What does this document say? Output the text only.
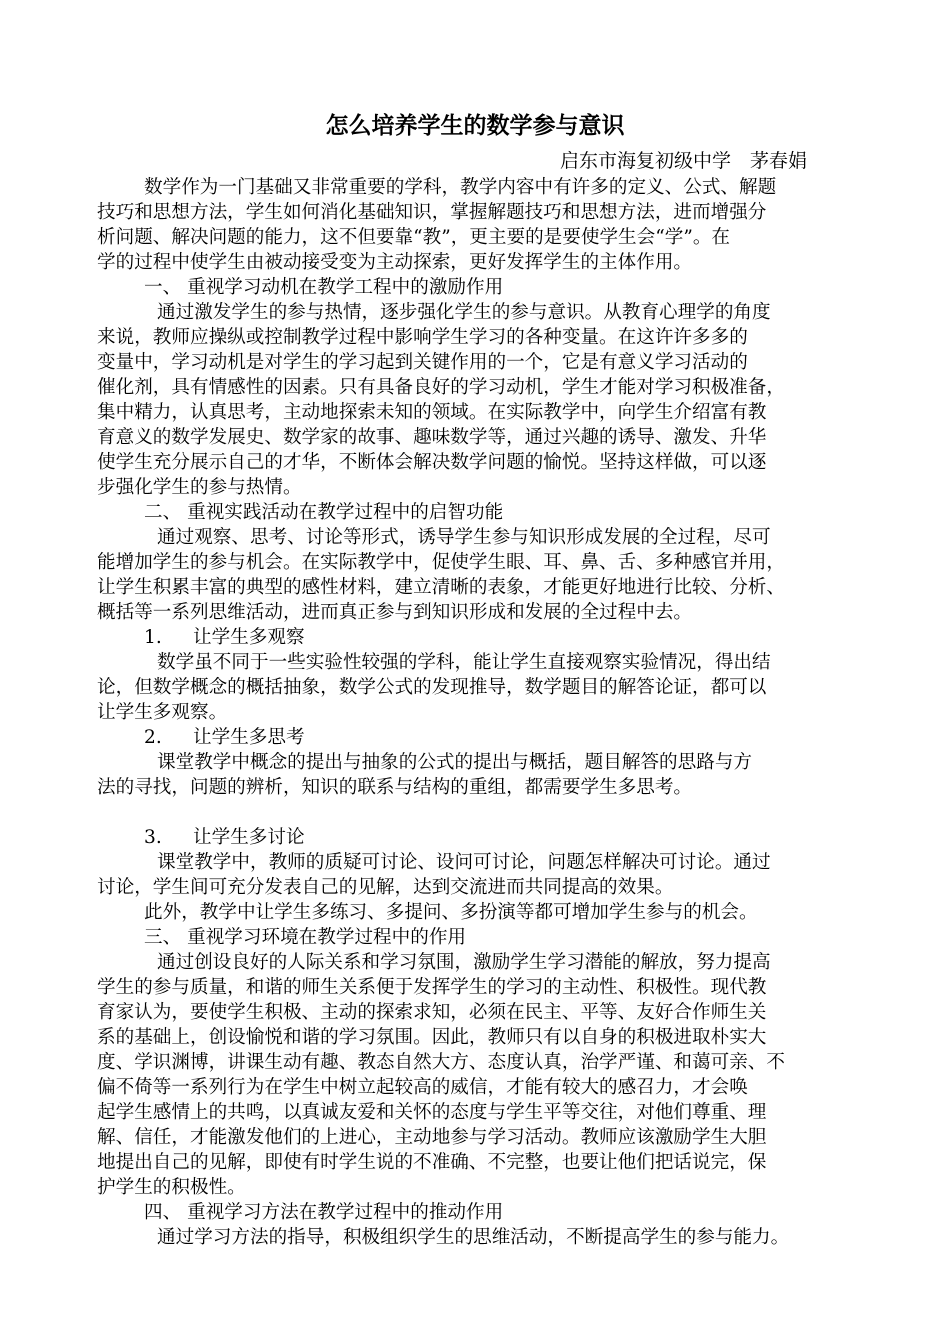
怎么培养学生的数学参与意识
启东市海复初级中学　茅春娟
数学作为一门基础又非常重要的学科，教学内容中有许多的定义、公式、解题
技巧和思想方法，学生如何消化基础知识，掌握解题技巧和思想方法，进而增强分
析问题、解决问题的能力，这不但要靠“教”，更主要的是要使学生会“学”。在
学的过程中使学生由被动接受变为主动探索，更好发挥学生的主体作用。
一、 重视学习动机在教学工程中的激励作用
通过激发学生的参与热情，逐步强化学生的参与意识。从教育心理学的角度
来说，教师应操纵或控制教学过程中影响学生学习的各种变量。在这许许多多的
变量中，学习动机是对学生的学习起到关键作用的一个，它是有意义学习活动的
催化剂，具有情感性的因素。只有具备良好的学习动机，学生才能对学习积极准备，
集中精力，认真思考，主动地探索未知的领域。在实际教学中，向学生介绍富有教
育意义的数学发展史、数学家的故事、趣味数学等，通过兴趣的诱导、激发、升华
使学生充分展示自己的才华，不断体会解决数学问题的愉悦。坚持这样做，可以逐
步强化学生的参与热情。
二、 重视实践活动在教学过程中的启智功能
通过观察、思考、讨论等形式，诱导学生参与知识形成发展的全过程，尽可
能增加学生的参与机会。在实际教学中，促使学生眼、耳、鼻、舌、多种感官并用，
让学生积累丰富的典型的感性材料，建立清晰的表象，才能更好地进行比较、分析、
概括等一系列思维活动，进而真正参与到知识形成和发展的全过程中去。
1. 让学生多观察
数学虽不同于一些实验性较强的学科，能让学生直接观察实验情况，得出结
论，但数学概念的概括抽象，数学公式的发现推导，数学题目的解答论证，都可以
让学生多观察。
2. 让学生多思考
课堂教学中概念的提出与抽象的公式的提出与概括，题目解答的思路与方
法的寻找，问题的辨析，知识的联系与结构的重组，都需要学生多思考。
3. 让学生多讨论
课堂教学中，教师的质疑可讨论、设问可讨论，问题怎样解决可讨论。通过
讨论，学生间可充分发表自己的见解，达到交流进而共同提高的效果。
此外，教学中让学生多练习、多提问、多扮演等都可增加学生参与的机会。
三、 重视学习环境在教学过程中的作用
通过创设良好的人际关系和学习氛围，激励学生学习潜能的解放，努力提高
学生的参与质量，和谐的师生关系便于发挥学生的学习的主动性、积极性。现代教
育家认为，要使学生积极、主动的探索求知，必须在民主、平等、友好合作师生关
系的基础上，创设愉悦和谐的学习氛围。因此，教师只有以自身的积极进取朴实大
度、学识渊博，讲课生动有趣、教态自然大方、态度认真，治学严谨、和蔼可亲、不
偏不倚等一系列行为在学生中树立起较高的威信，才能有较大的感召力，才会唤
起学生感情上的共鸣，以真诚友爱和关怀的态度与学生平等交往，对他们尊重、理
解、信任，才能激发他们的上进心，主动地参与学习活动。教师应该激励学生大胆
地提出自己的见解，即使有时学生说的不准确、不完整，也要让他们把话说完，保
护学生的积极性。
四、 重视学习方法在教学过程中的推动作用
通过学习方法的指导，积极组织学生的思维活动，不断提高学生的参与能力。
